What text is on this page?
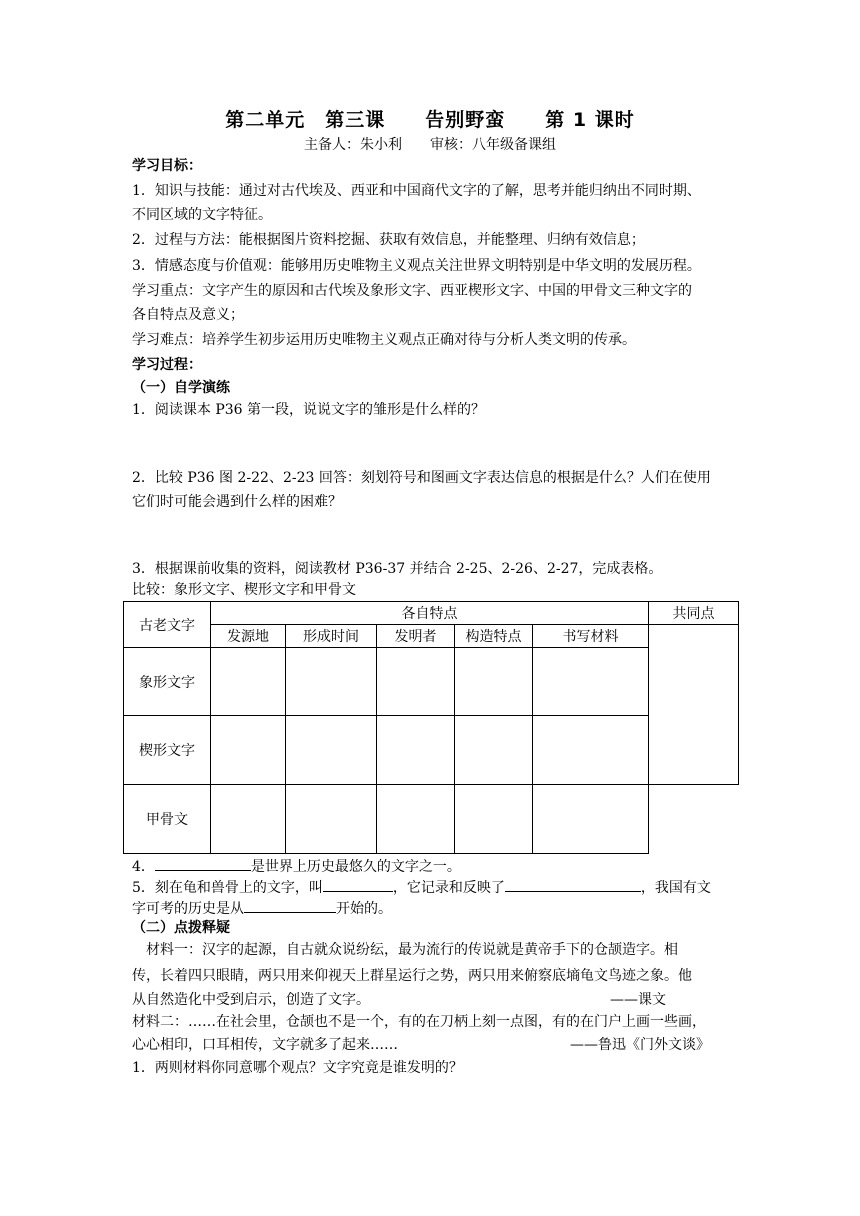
第二单元　第三课　　告别野蛮　　第 1 课时
主备人：朱小利　　审核：八年级备课组
学习目标：
1．知识与技能：通过对古代埃及、西亚和中国商代文字的了解，思考并能归纳出不同时期、
不同区域的文字特征。
2．过程与方法：能根据图片资料挖掘、获取有效信息，并能整理、归纳有效信息；
3．情感态度与价值观：能够用历史唯物主义观点关注世界文明特别是中华文明的发展历程。
学习重点：文字产生的原因和古代埃及象形文字、西亚楔形文字、中国的甲骨文三种文字的
各自特点及意义；
学习难点：培养学生初步运用历史唯物主义观点正确对待与分析人类文明的传承。
学习过程：
（一）自学演练
1．阅读课本 P36 第一段，说说文字的雏形是什么样的？
2．比较 P36 图 2-22、2-23 回答：刻划符号和图画文字表达信息的根据是什么？人们在使用
它们时可能会遇到什么样的困难？
3．根据课前收集的资料，阅读教材 P36-37 并结合 2-25、2-26、2-27，完成表格。
比较：象形文字、楔形文字和甲骨文
古老文字	各自特点					共同点
	发源地	形成时间	发明者	构造特点	书写材料	
象形文字						

楔形文字						
甲骨文						
4．	是世界上历史最悠久的文字之一。
5．刻在龟和兽骨上的文字，叫	，它记录和反映了	，我国有文
字可考的历史是从	开始的。
（二）点拨释疑
　材料一：汉字的起源，自古就众说纷纭，最为流行的传说就是黄帝手下的仓颉造字。相
传，长着四只眼睛，两只用来仰视天上群星运行之势，两只用来俯察底墒龟文鸟迹之象。他
从自然造化中受到启示，创造了文字。	——课文
材料二：……在社会里，仓颉也不是一个，有的在刀柄上刻一点图，有的在门户上画一些画，
心心相印，口耳相传，文字就多了起来……	——鲁迅《门外文谈》
1．两则材料你同意哪个观点？文字究竟是谁发明的？
